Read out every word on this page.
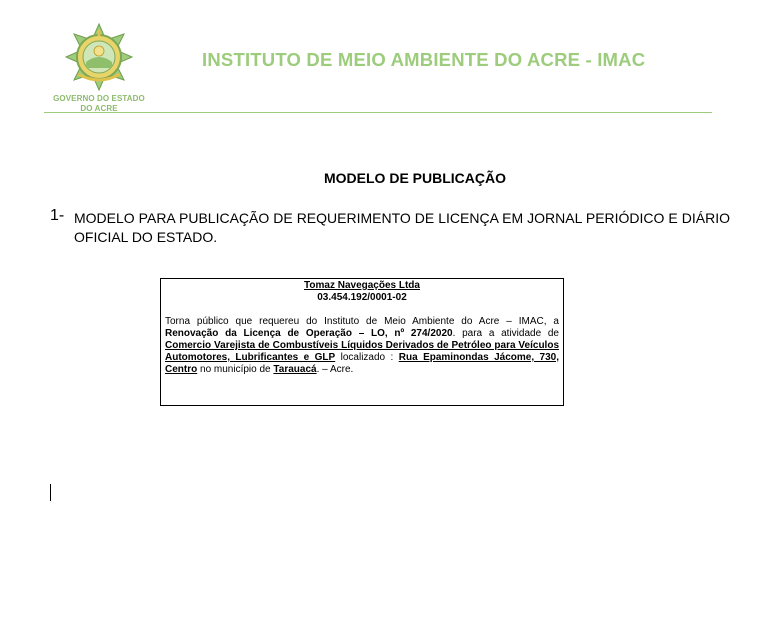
GOVERNO DO ESTADO
DO ACRE
INSTITUTO DE MEIO AMBIENTE DO ACRE - IMAC
MODELO DE PUBLICAÇÃO
1- MODELO PARA PUBLICAÇÃO DE REQUERIMENTO DE LICENÇA EM JORNAL PERIÓDICO E DIÁRIO OFICIAL DO ESTADO.
Tomaz Navegações Ltda
03.454.192/0001-02
Torna público que requereu do Instituto de Meio Ambiente do Acre – IMAC, a Renovação da Licença de Operação – LO, nº 274/2020. para a atividade de Comercio Varejista de Combustíveis Líquidos Derivados de Petróleo para Veículos Automotores, Lubrificantes e GLP localizado : Rua Epaminondas Jácome, 730, Centro no município de Tarauacá. – Acre.
